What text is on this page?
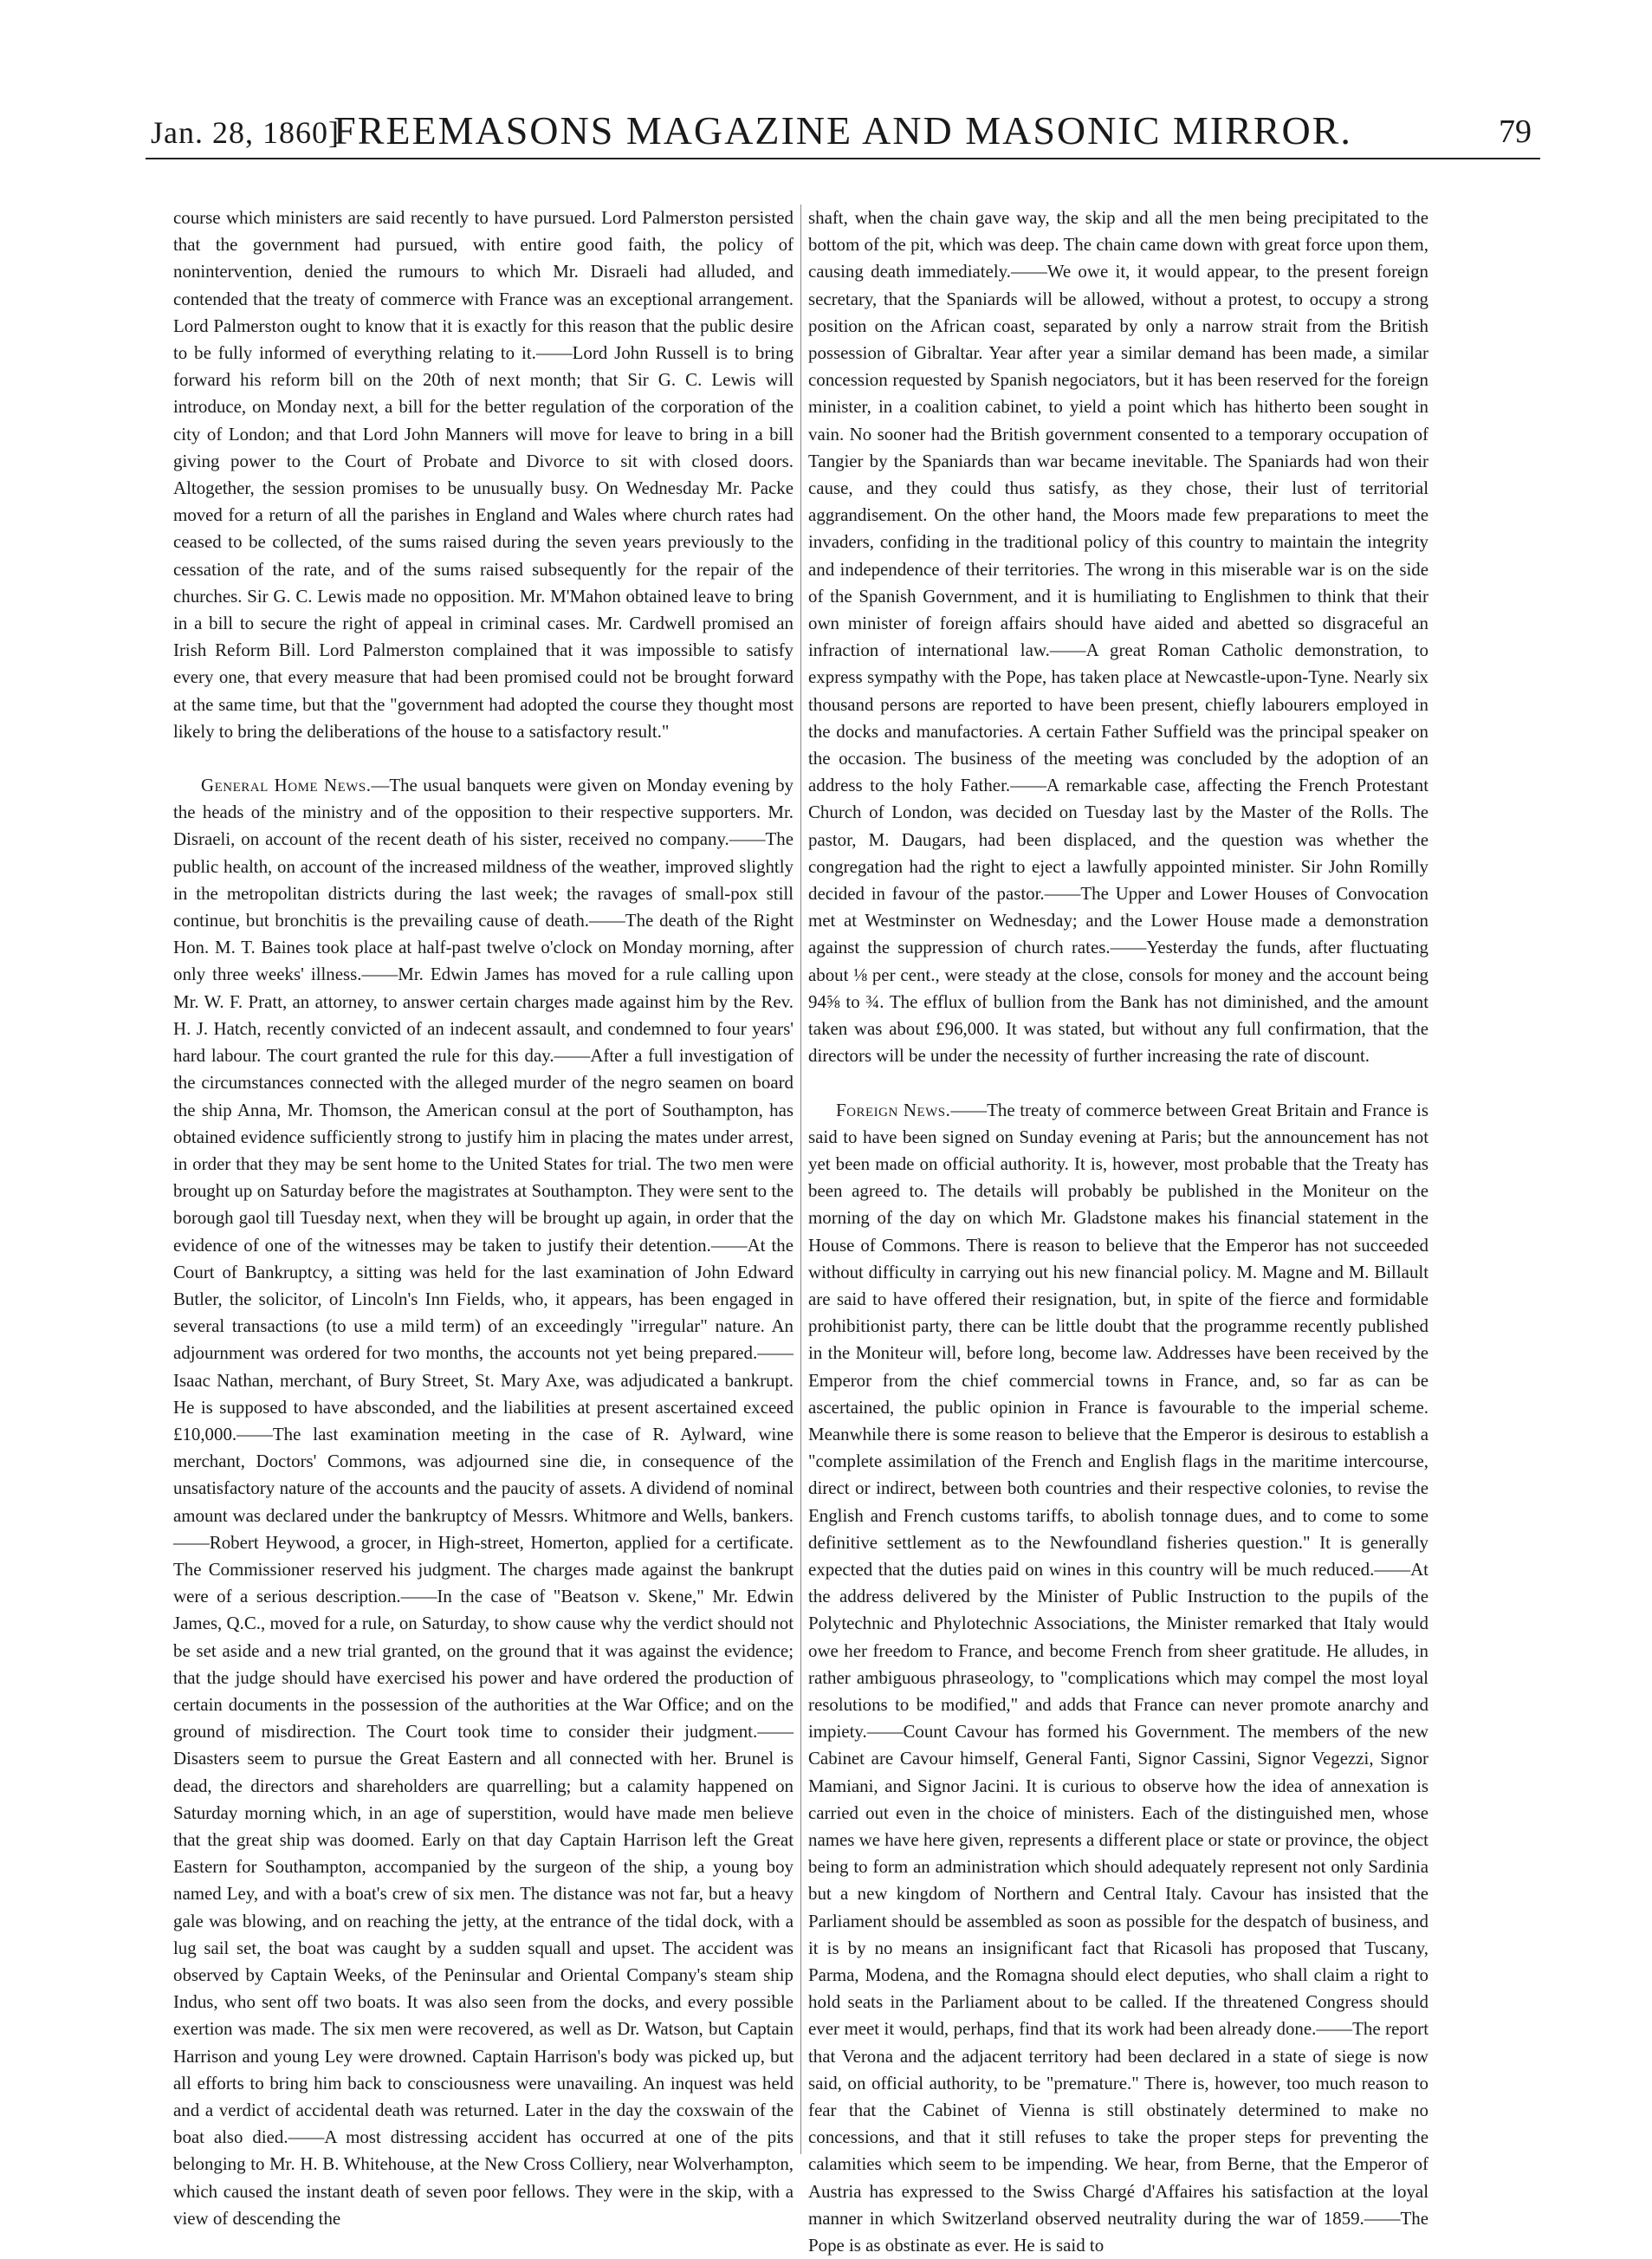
Jan. 28, 1860]
FREEMASONS MAGAZINE AND MASONIC MIRROR.	79

course which ministers are said recently to have pursued. Lord Palmerston persisted that the government had pursued, with entire good faith, the policy of nonintervention, denied the rumours to which Mr. Disraeli had alluded, and contended that the treaty of commerce with France was an exceptional arrangement. Lord Palmerston ought to know that it is exactly for this reason that the public desire to be fully informed of everything relating to it.——Lord John Russell is to bring forward his reform bill on the 20th of next month; that Sir G. C. Lewis will introduce, on Monday next, a bill for the better regulation of the corporation of the city of London; and that Lord John Manners will move for leave to bring in a bill giving power to the Court of Probate and Divorce to sit with closed doors. Altogether, the session promises to be unusually busy. On Wednesday Mr. Packe moved for a return of all the parishes in England and Wales where church rates had ceased to be collected, of the sums raised during the seven years previously to the cessation of the rate, and of the sums raised subsequently for the repair of the churches. Sir G. C. Lewis made no opposition. Mr. M'Mahon obtained leave to bring in a bill to secure the right of appeal in criminal cases. Mr. Cardwell promised an Irish Reform Bill. Lord Palmerston complained that it was impossible to satisfy every one, that every measure that had been promised could not be brought forward at the same time, but that the "government had adopted the course they thought most likely to bring the deliberations of the house to a satisfactory result."

General Home News.—The usual banquets were given on Monday evening by the heads of the ministry and of the opposition to their respective supporters. Mr. Disraeli, on account of the recent death of his sister, received no company.——The public health, on account of the increased mildness of the weather, improved slightly in the metropolitan districts during the last week; the ravages of small-pox still continue, but bronchitis is the prevailing cause of death.——The death of the Right Hon. M. T. Baines took place at half-past twelve o'clock on Monday morning, after only three weeks' illness.——Mr. Edwin James has moved for a rule calling upon Mr. W. F. Pratt, an attorney, to answer certain charges made against him by the Rev. H. J. Hatch, recently convicted of an indecent assault, and condemned to four years' hard labour. The court granted the rule for this day.——After a full investigation of the circumstances connected with the alleged murder of the negro seamen on board the ship Anna, Mr. Thomson, the American consul at the port of Southampton, has obtained evidence sufficiently strong to justify him in placing the mates under arrest, in order that they may be sent home to the United States for trial. The two men were brought up on Saturday before the magistrates at Southampton. They were sent to the borough gaol till Tuesday next, when they will be brought up again, in order that the evidence of one of the witnesses may be taken to justify their detention.——At the Court of Bankruptcy, a sitting was held for the last examination of John Edward Butler, the solicitor, of Lincoln's Inn Fields, who, it appears, has been engaged in several transactions (to use a mild term) of an exceedingly "irregular" nature. An adjournment was ordered for two months, the accounts not yet being prepared.——Isaac Nathan, merchant, of Bury Street, St. Mary Axe, was adjudicated a bankrupt. He is supposed to have absconded, and the liabilities at present ascertained exceed £10,000.——The last examination meeting in the case of R. Aylward, wine merchant, Doctors' Commons, was adjourned sine die, in consequence of the unsatisfactory nature of the accounts and the paucity of assets. A dividend of nominal amount was declared under the bankruptcy of Messrs. Whitmore and Wells, bankers.——Robert Heywood, a grocer, in High-street, Homerton, applied for a certificate. The Commissioner reserved his judgment. The charges made against the bankrupt were of a serious description.——In the case of "Beatson v. Skene," Mr. Edwin James, Q.C., moved for a rule, on Saturday, to show cause why the verdict should not be set aside and a new trial granted, on the ground that it was against the evidence; that the judge should have exercised his power and have ordered the production of certain documents in the possession of the authorities at the War Office; and on the ground of misdirection. The Court took time to consider their judgment.——Disasters seem to pursue the Great Eastern and all connected with her. Brunel is dead, the directors and shareholders are quarrelling; but a calamity happened on Saturday morning which, in an age of superstition, would have made men believe that the great ship was doomed. Early on that day Captain Harrison left the Great Eastern for Southampton, accompanied by the surgeon of the ship, a young boy named Ley, and with a boat's crew of six men. The distance was not far, but a heavy gale was blowing, and on reaching the jetty, at the entrance of the tidal dock, with a lug sail set, the boat was caught by a sudden squall and upset. The accident was observed by Captain Weeks, of the Peninsular and Oriental Company's steam ship Indus, who sent off two boats. It was also seen from the docks, and every possible exertion was made. The six men were recovered, as well as Dr. Watson, but Captain Harrison and young Ley were drowned. Captain Harrison's body was picked up, but all efforts to bring him back to consciousness were unavailing. An inquest was held and a verdict of accidental death was returned. Later in the day the coxswain of the boat also died.——A most distressing accident has occurred at one of the pits belonging to Mr. H. B. Whitehouse, at the New Cross Colliery, near Wolverhampton, which caused the instant death of seven poor fellows. They were in the skip, with a view of descending the

shaft, when the chain gave way, the skip and all the men being precipitated to the bottom of the pit, which was deep. The chain came down with great force upon them, causing death immediately.——We owe it, it would appear, to the present foreign secretary, that the Spaniards will be allowed, without a protest, to occupy a strong position on the African coast, separated by only a narrow strait from the British possession of Gibraltar. Year after year a similar demand has been made, a similar concession requested by Spanish negociators, but it has been reserved for the foreign minister, in a coalition cabinet, to yield a point which has hitherto been sought in vain. No sooner had the British government consented to a temporary occupation of Tangier by the Spaniards than war became inevitable. The Spaniards had won their cause, and they could thus satisfy, as they chose, their lust of territorial aggrandisement. On the other hand, the Moors made few preparations to meet the invaders, confiding in the traditional policy of this country to maintain the integrity and independence of their territories. The wrong in this miserable war is on the side of the Spanish Government, and it is humiliating to Englishmen to think that their own minister of foreign affairs should have aided and abetted so disgraceful an infraction of international law.——A great Roman Catholic demonstration, to express sympathy with the Pope, has taken place at Newcastle-upon-Tyne. Nearly six thousand persons are reported to have been present, chiefly labourers employed in the docks and manufactories. A certain Father Suffield was the principal speaker on the occasion. The business of the meeting was concluded by the adoption of an address to the holy Father.——A remarkable case, affecting the French Protestant Church of London, was decided on Tuesday last by the Master of the Rolls. The pastor, M. Daugars, had been displaced, and the question was whether the congregation had the right to eject a lawfully appointed minister. Sir John Romilly decided in favour of the pastor.——The Upper and Lower Houses of Convocation met at Westminster on Wednesday; and the Lower House made a demonstration against the suppression of church rates.——Yesterday the funds, after fluctuating about ⅛ per cent., were steady at the close, consols for money and the account being 94⅝ to ¾. The efflux of bullion from the Bank has not diminished, and the amount taken was about £96,000. It was stated, but without any full confirmation, that the directors will be under the necessity of further increasing the rate of discount.

Foreign News.——The treaty of commerce between Great Britain and France is said to have been signed on Sunday evening at Paris; but the announcement has not yet been made on official authority. It is, however, most probable that the Treaty has been agreed to. The details will probably be published in the Moniteur on the morning of the day on which Mr. Gladstone makes his financial statement in the House of Commons. There is reason to believe that the Emperor has not succeeded without difficulty in carrying out his new financial policy. M. Magne and M. Billault are said to have offered their resignation, but, in spite of the fierce and formidable prohibitionist party, there can be little doubt that the programme recently published in the Moniteur will, before long, become law. Addresses have been received by the Emperor from the chief commercial towns in France, and, so far as can be ascertained, the public opinion in France is favourable to the imperial scheme. Meanwhile there is some reason to believe that the Emperor is desirous to establish a "complete assimilation of the French and English flags in the maritime intercourse, direct or indirect, between both countries and their respective colonies, to revise the English and French customs tariffs, to abolish tonnage dues, and to come to some definitive settlement as to the Newfoundland fisheries question." It is generally expected that the duties paid on wines in this country will be much reduced.——At the address delivered by the Minister of Public Instruction to the pupils of the Polytechnic and Phylotechnic Associations, the Minister remarked that Italy would owe her freedom to France, and become French from sheer gratitude. He alludes, in rather ambiguous phraseology, to "complications which may compel the most loyal resolutions to be modified," and adds that France can never promote anarchy and impiety.——Count Cavour has formed his Government. The members of the new Cabinet are Cavour himself, General Fanti, Signor Cassini, Signor Vegezzi, Signor Mamiani, and Signor Jacini. It is curious to observe how the idea of annexation is carried out even in the choice of ministers. Each of the distinguished men, whose names we have here given, represents a different place or state or province, the object being to form an administration which should adequately represent not only Sardinia but a new kingdom of Northern and Central Italy. Cavour has insisted that the Parliament should be assembled as soon as possible for the despatch of business, and it is by no means an insignificant fact that Ricasoli has proposed that Tuscany, Parma, Modena, and the Romagna should elect deputies, who shall claim a right to hold seats in the Parliament about to be called. If the threatened Congress should ever meet it would, perhaps, find that its work had been already done.——The report that Verona and the adjacent territory had been declared in a state of siege is now said, on official authority, to be "premature." There is, however, too much reason to fear that the Cabinet of Vienna is still obstinately determined to make no concessions, and that it still refuses to take the proper steps for preventing the calamities which seem to be impending. We hear, from Berne, that the Emperor of Austria has expressed to the Swiss Chargé d'Affaires his satisfaction at the loyal manner in which Switzerland observed neutrality during the war of 1859.——The Pope is as obstinate as ever. He is said to
